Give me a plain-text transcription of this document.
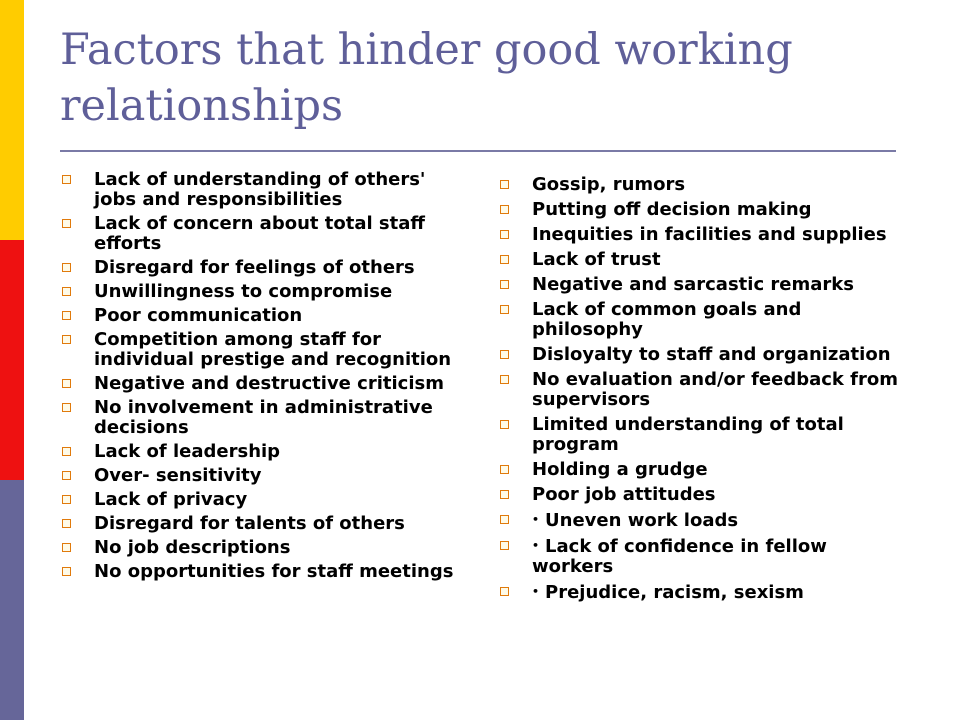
Factors that hinder good working relationships
Lack of understanding of others' jobs and responsibilities
Lack of concern about total staff efforts
Disregard for feelings of others
Unwillingness to compromise
Poor communication
Competition among staff for individual prestige and recognition
Negative and destructive criticism
No involvement in administrative decisions
Lack of leadership
Over- sensitivity
Lack of privacy
Disregard for talents of others
No job descriptions
No opportunities for staff meetings
Gossip, rumors
Putting off decision making
Inequities in facilities and supplies
Lack of trust
Negative and sarcastic remarks
Lack of common goals and philosophy
Disloyalty to staff and organization
No evaluation and/or feedback from supervisors
Limited understanding of total program
Holding a grudge
Poor job attitudes
• Uneven work loads
• Lack of confidence in fellow workers
• Prejudice, racism, sexism
